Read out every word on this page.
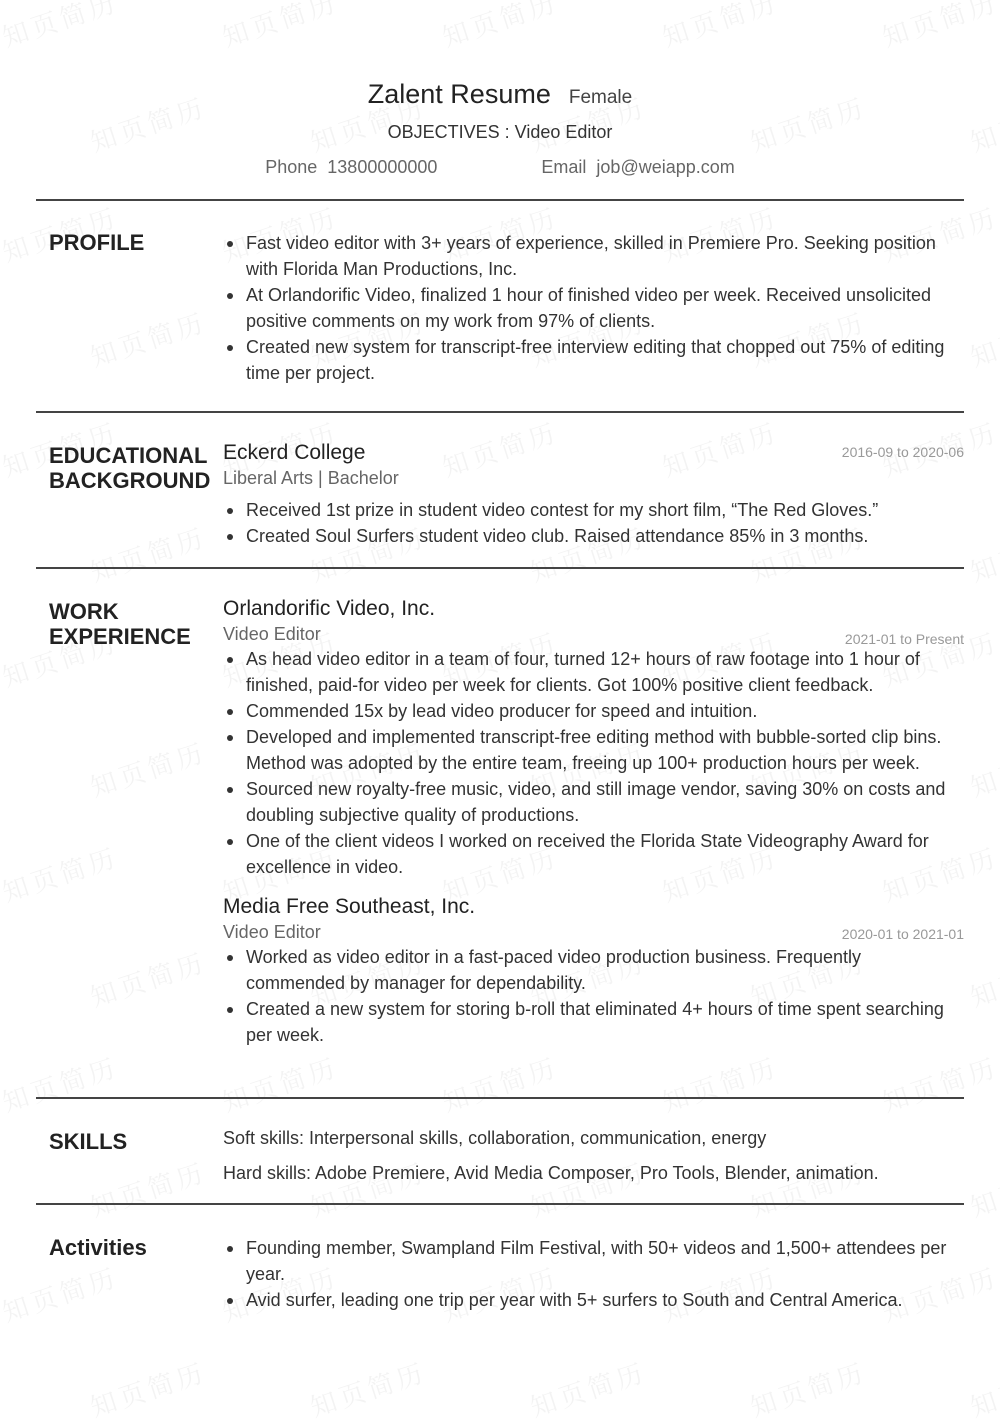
Zalent Resume Female
OBJECTIVES : Video Editor
Phone 13800000000	Email job@weiapp.com
PROFILE	Fast video editor with 3+ years of experience, skilled in Premiere Pro. Seeking position with Florida Man Productions, Inc.
At Orlandorific Video, finalized 1 hour of finished video per week. Received unsolicited positive comments on my work from 97% of clients.
Created new system for transcript-free interview editing that chopped out 75% of editing time per project.
EDUCATIONAL
BACKGROUND
Eckerd College	2016-09 to 2020-06
Liberal Arts | Bachelor
Received 1st prize in student video contest for my short film, “The Red Gloves.”
Created Soul Surfers student video club. Raised attendance 85% in 3 months.
WORK
EXPERIENCE
Orlandorific Video, Inc.
Video Editor	2021-01 to Present
As head video editor in a team of four, turned 12+ hours of raw footage into 1 hour of finished, paid-for video per week for clients. Got 100% positive client feedback.
Commended 15x by lead video producer for speed and intuition.
Developed and implemented transcript-free editing method with bubble-sorted clip bins. Method was adopted by the entire team, freeing up 100+ production hours per week.
Sourced new royalty-free music, video, and still image vendor, saving 30% on costs and doubling subjective quality of productions.
One of the client videos I worked on received the Florida State Videography Award for excellence in video.
Media Free Southeast, Inc.
Video Editor	2020-01 to 2021-01
Worked as video editor in a fast-paced video production business. Frequently commended by manager for dependability.
Created a new system for storing b-roll that eliminated 4+ hours of time spent searching per week.
SKILLS	Soft skills: Interpersonal skills, collaboration, communication, energy
Hard skills: Adobe Premiere, Avid Media Composer, Pro Tools, Blender, animation.
Activities	Founding member, Swampland Film Festival, with 50+ videos and 1,500+ attendees per year.
Avid surfer, leading one trip per year with 5+ surfers to South and Central America.
